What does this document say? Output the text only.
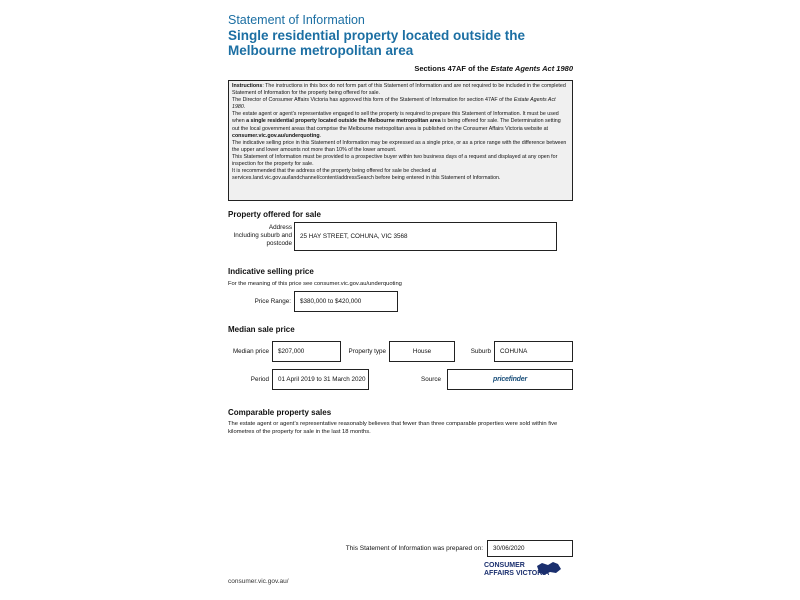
Statement of Information
Single residential property located outside the Melbourne metropolitan area
Sections 47AF of the Estate Agents Act 1980

Instructions: The instructions in this box do not form part of this Statement of Information and are not required to be included in the completed Statement of Information for the property being offered for sale.

The Director of Consumer Affairs Victoria has approved this form of the Statement of Information for section 47AF of the Estate Agents Act 1980.

The estate agent or agent’s representative engaged to sell the property is required to prepare this Statement of Information. It must be used when a single residential property located outside the Melbourne metropolitan area is being offered for sale. The Determination setting out the local government areas that comprise the Melbourne metropolitan area is published on the Consumer Affairs Victoria website at consumer.vic.gov.au/underquoting.

The indicative selling price in this Statement of Information may be expressed as a single price, or as a price range with the difference between the upper and lower amounts not more than 10% of the lower amount.

This Statement of Information must be provided to a prospective buyer within two business days of a request and displayed at any open for inspection for the property for sale.

It is recommended that the address of the property being offered for sale be checked at services.land.vic.gov.au/landchannel/content/addressSearch before being entered in this Statement of Information.

Property offered for sale
Address
Including suburb and
postcode
25 HAY STREET, COHUNA, VIC 3568
Indicative selling price
For the meaning of this price see consumer.vic.gov.au/underquoting
Price Range:	$380,000 to $420,000
Median sale price
Median price	$207,000	Property type	House	Suburb	COHUNA
Period	01 April 2019 to 31 March 2020	Source	pricefinder
Comparable property sales
The estate agent or agent’s representative reasonably believes that fewer than three comparable properties were sold within five kilometres of the property for sale in the last 18 months.
This Statement of Information was prepared on:	30/06/2020
CONSUMER
AFFAIRS VICTORIA
consumer.vic.gov.au/
